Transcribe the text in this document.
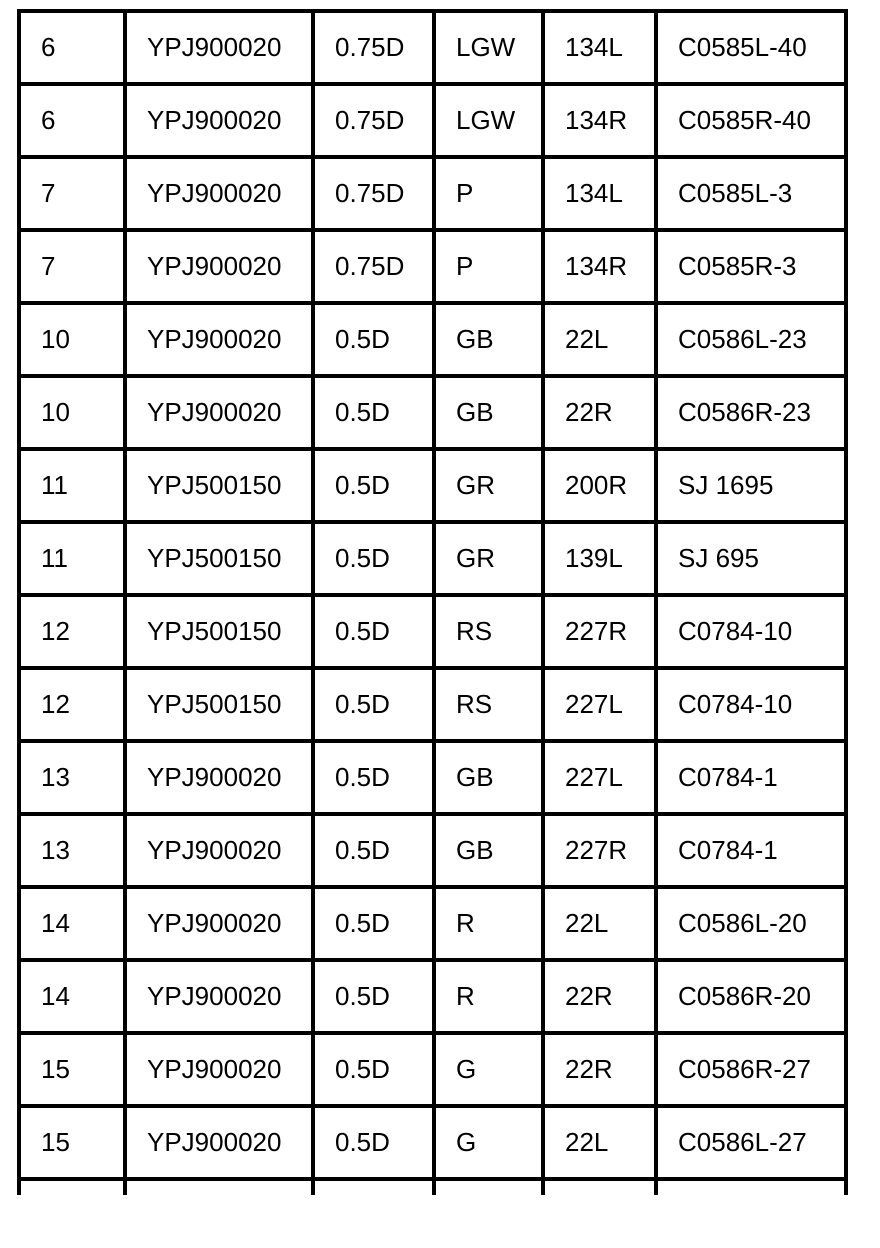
6	YPJ900020	0.75D	LGW	134L	C0585L-40
6	YPJ900020	0.75D	LGW	134R	C0585R-40
7	YPJ900020	0.75D	P	134L	C0585L-3
7	YPJ900020	0.75D	P	134R	C0585R-3
10	YPJ900020	0.5D	GB	22L	C0586L-23
10	YPJ900020	0.5D	GB	22R	C0586R-23
11	YPJ500150	0.5D	GR	200R	SJ 1695
11	YPJ500150	0.5D	GR	139L	SJ 695
12	YPJ500150	0.5D	RS	227R	C0784-10
12	YPJ500150	0.5D	RS	227L	C0784-10
13	YPJ900020	0.5D	GB	227L	C0784-1
13	YPJ900020	0.5D	GB	227R	C0784-1
14	YPJ900020	0.5D	R	22L	C0586L-20
14	YPJ900020	0.5D	R	22R	C0586R-20
15	YPJ900020	0.5D	G	22R	C0586R-27
15	YPJ900020	0.5D	G	22L	C0586L-27
